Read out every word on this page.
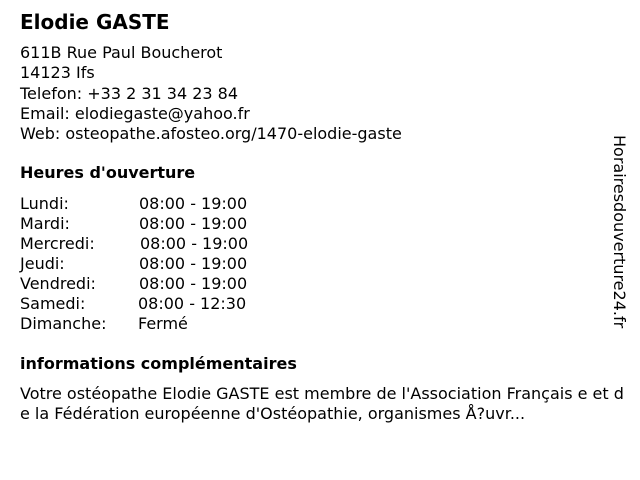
Elodie GASTE
611B Rue Paul Boucherot
14123 Ifs
Telefon: +33 2 31 34 23 84
Email: elodiegaste@yahoo.fr
Web: osteopathe.afosteo.org/1470-elodie-gaste
Heures d'ouverture
Lundi:	08:00 - 19:00
Mardi:	08:00 - 19:00
Mercredi:	08:00 - 19:00
Jeudi:	08:00 - 19:00
Vendredi:	08:00 - 19:00
Samedi:	08:00 - 12:30
Dimanche: Fermé
informations complémentaires
Votre ostéopathe Elodie GASTE est membre de l'Association Français e et de la Fédération européenne d'Ostéopathie, organismes Å?uvr...
Horairesdouverture24.fr
